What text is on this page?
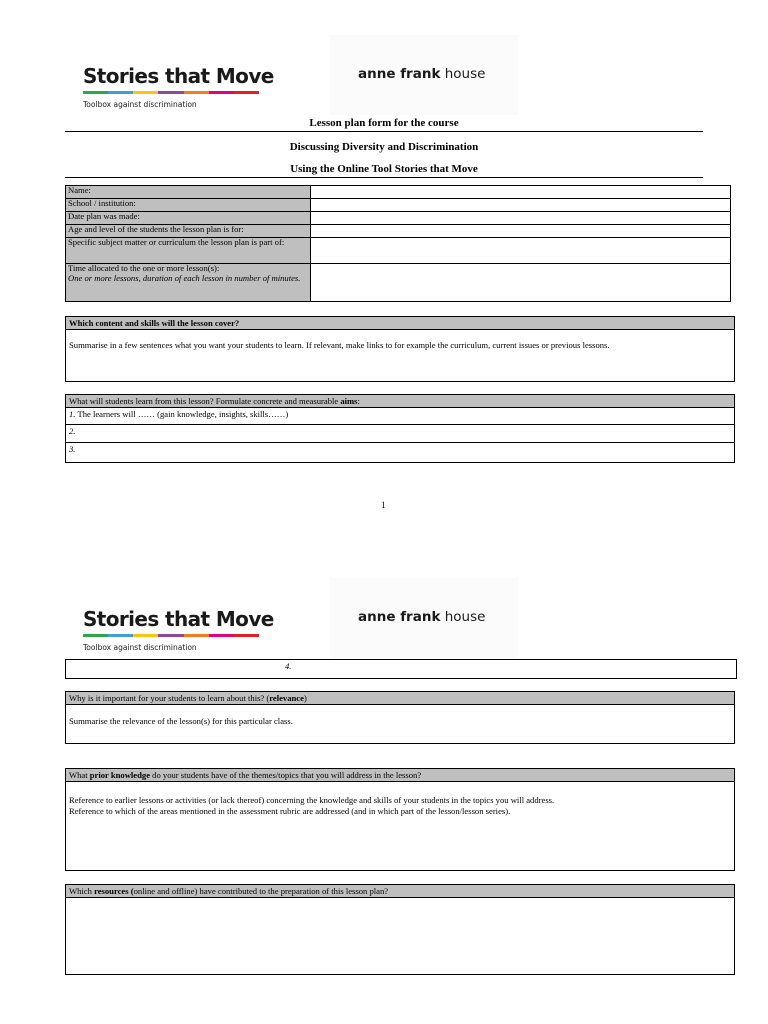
Stories that Move
Toolbox against discrimination
anne frank house
Lesson plan form for the course
Discussing Diversity and Discrimination
Using the Online Tool Stories that Move
Name:	
School / institution:	
Date plan was made:	
Age and level of the students the lesson plan is for:	
Specific subject matter or curriculum the lesson plan is part of:	
Time allocated to the one or more lesson(s):
One or more lessons, duration of each lesson in number of minutes.	
Which content and skills will the lesson cover?
Summarise in a few sentences what you want your students to learn. If relevant, make links to for example the curriculum, current issues or previous lessons.
What will students learn from this lesson? Formulate concrete and measurable aims:
1. The learners will …… (gain knowledge, insights, skills……)
2.
3.
1
Stories that Move
Toolbox against discrimination
anne frank house
4.
Why is it important for your students to learn about this? (relevance)
Summarise the relevance of the lesson(s) for this particular class.
What prior knowledge do your students have of the themes/topics that you will address in the lesson?
Reference to earlier lessons or activities (or lack thereof) concerning the knowledge and skills of your students in the topics you will address.
Reference to which of the areas mentioned in the assessment rubric are addressed (and in which part of the lesson/lesson series).
Which resources (online and offline) have contributed to the preparation of this lesson plan?
